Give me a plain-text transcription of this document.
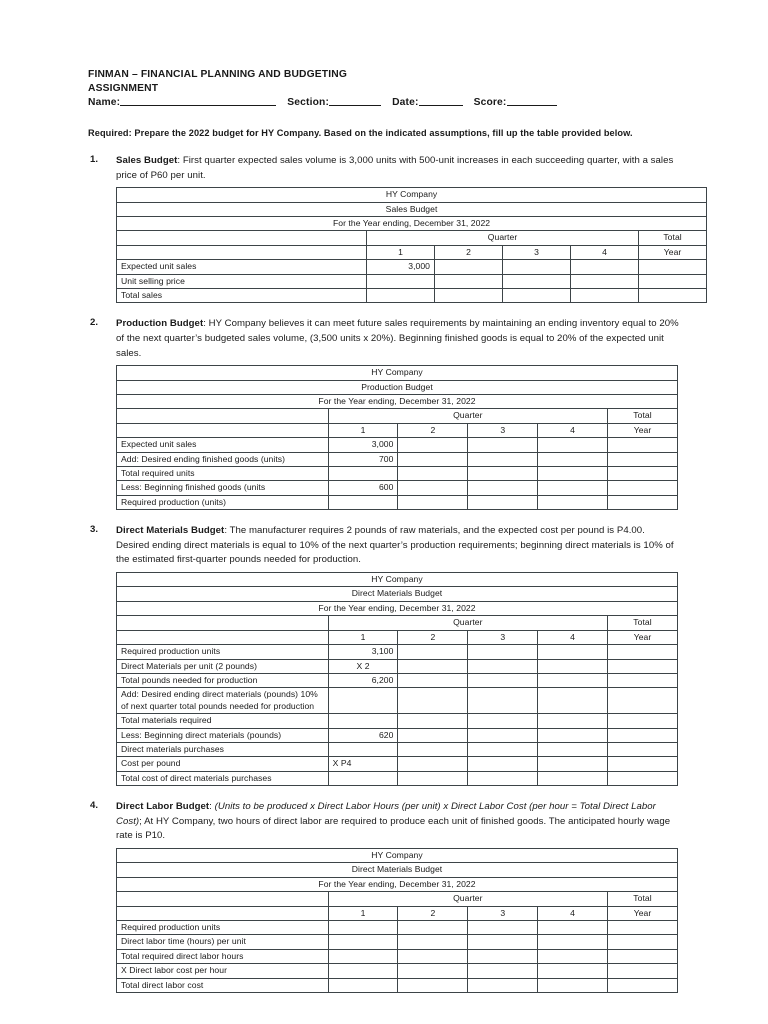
FINMAN – FINANCIAL PLANNING AND BUDGETING
ASSIGNMENT
Name:	Section:	Date:	Score:

Required: Prepare the 2022 budget for HY Company. Based on the indicated assumptions, fill up the table provided below.

1. Sales Budget: First quarter expected sales volume is 3,000 units with 500-unit increases in each succeeding quarter, with a sales price of P60 per unit.

HY Company					
Sales Budget					
For the Year ending, December 31, 2022					
	Quarter				Total
	1	2	3	4	Year
Expected unit sales	3,000				
Unit selling price					
Total sales					
2. Production Budget: HY Company believes it can meet future sales requirements by maintaining an ending inventory equal to 20% of the next quarter’s budgeted sales volume, (3,500 units x 20%). Beginning finished goods is equal to 20% of the expected unit sales.

HY Company					
Production Budget					
For the Year ending, December 31, 2022					
	Quarter				Total
	1	2	3	4	Year
Expected unit sales	3,000				
Add: Desired ending finished goods (units)	700				
Total required units					
Less: Beginning finished goods (units	600				
Required production (units)					
3. Direct Materials Budget: The manufacturer requires 2 pounds of raw materials, and the expected cost per pound is P4.00. Desired ending direct materials is equal to 10% of the next quarter’s production requirements; beginning direct materials is 10% of the estimated first-quarter pounds needed for production.

HY Company					
Direct Materials Budget					
For the Year ending, December 31, 2022					
	Quarter				Total
	1	2	3	4	Year
Required production units	3,100				
Direct Materials per unit (2 pounds)	X 2				
Total pounds needed for production	6,200				
Add: Desired ending direct materials (pounds) 10% of next quarter total pounds needed for production					
Total materials required					
Less: Beginning direct materials (pounds)	620				
Direct materials purchases					
Cost per pound	X P4				
Total cost of direct materials purchases					
4. Direct Labor Budget: (Units to be produced x Direct Labor Hours (per unit) x Direct Labor Cost (per hour = Total Direct Labor Cost); At HY Company, two hours of direct labor are required to produce each unit of finished goods. The anticipated hourly wage rate is P10.

HY Company					
Direct Materials Budget					
For the Year ending, December 31, 2022					
	Quarter				Total
	1	2	3	4	Year
Required production units					
Direct labor time (hours) per unit					
Total required direct labor hours					
X Direct labor cost per hour					
Total direct labor cost					
